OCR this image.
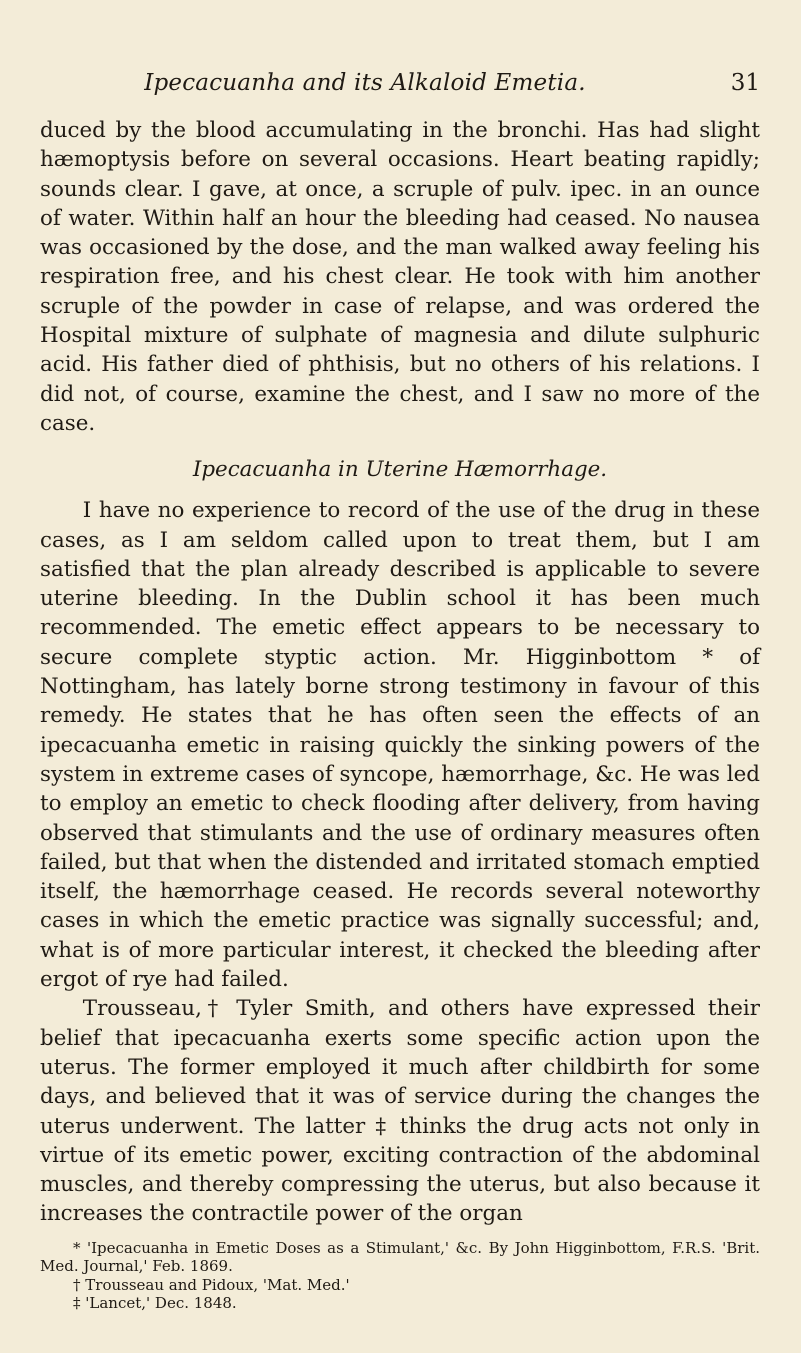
Ipecacuanha and its Alkaloid Emetia.	31

duced by the blood accumulating in the bronchi. Has had slight hæmoptysis before on several occasions. Heart beating rapidly; sounds clear. I gave, at once, a scruple of pulv. ipec. in an ounce of water. Within half an hour the bleeding had ceased. No nausea was occasioned by the dose, and the man walked away feeling his respiration free, and his chest clear. He took with him another scruple of the powder in case of relapse, and was ordered the Hospital mixture of sulphate of magnesia and dilute sulphuric acid. His father died of phthisis, but no others of his relations. I did not, of course, examine the chest, and I saw no more of the case.

Ipecacuanha in Uterine Hæmorrhage.

I have no experience to record of the use of the drug in these cases, as I am seldom called upon to treat them, but I am satisfied that the plan already described is applicable to severe uterine bleeding. In the Dublin school it has been much recommended. The emetic effect appears to be necessary to secure complete styptic action. Mr. Higginbottom * of Nottingham, has lately borne strong testimony in favour of this remedy. He states that he has often seen the effects of an ipecacuanha emetic in raising quickly the sinking powers of the system in extreme cases of syncope, hæmorrhage, &c. He was led to employ an emetic to check flooding after delivery, from having observed that stimulants and the use of ordinary measures often failed, but that when the distended and irritated stomach emptied itself, the hæmorrhage ceased. He records several noteworthy cases in which the emetic practice was signally successful; and, what is of more particular interest, it checked the bleeding after ergot of rye had failed.

Trousseau,† Tyler Smith, and others have expressed their belief that ipecacuanha exerts some specific action upon the uterus. The former employed it much after childbirth for some days, and believed that it was of service during the changes the uterus underwent. The latter ‡ thinks the drug acts not only in virtue of its emetic power, exciting contraction of the abdominal muscles, and thereby compressing the uterus, but also because it increases the contractile power of the organ

* 'Ipecacuanha in Emetic Doses as a Stimulant,' &c. By John Higginbottom, F.R.S. 'Brit. Med. Journal,' Feb. 1869.

† Trousseau and Pidoux, 'Mat. Med.'

‡ 'Lancet,' Dec. 1848.
